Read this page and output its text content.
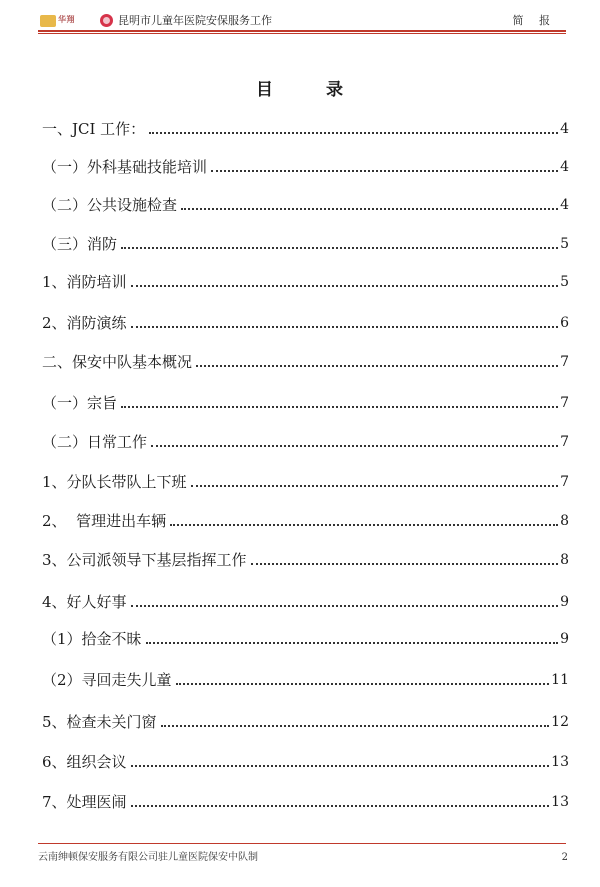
华翔	昆明市儿童年医院安保服务工作	简 报
目	录
一、JCI 工作：	4
（一）外科基础技能培训	4
（二）公共设施检查	4
（三）消防	5
1、消防培训	5
2、消防演练	6
二、保安中队基本概况	7
（一）宗旨	7
（二）日常工作	7
1、分队长带队上下班	7
2、  管理进出车辆	8
3、公司派领导下基层指挥工作	8
4、好人好事	9
（1）拾金不昧	9
（2）寻回走失儿童	11
5、检查未关门窗	12
6、组织会议	13
7、处理医闹	13
云南绅顿保安服务有限公司驻儿童医院保安中队制	2
